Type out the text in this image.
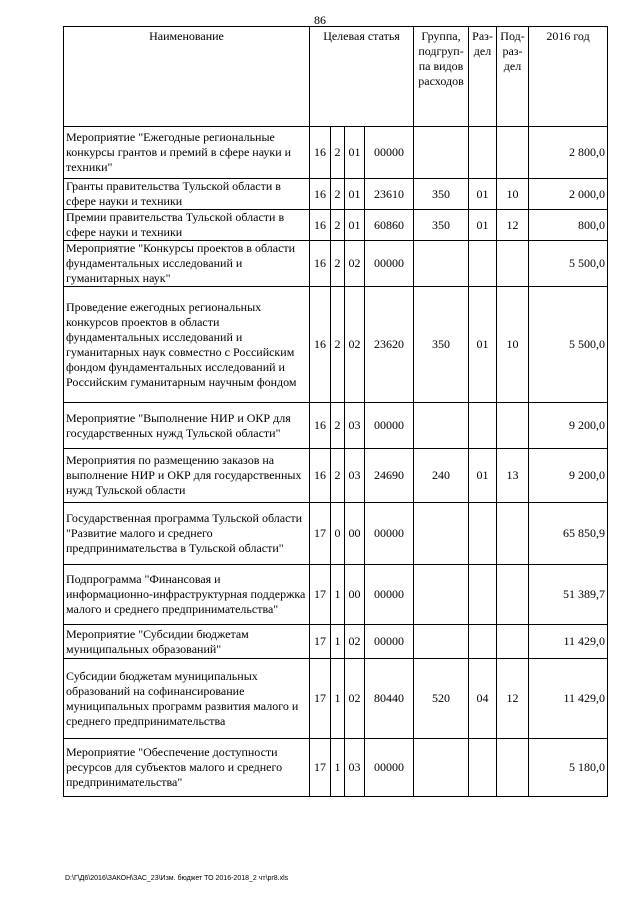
86
Наименование	Целевая статья				Группа, подгруп-па видов расходов	Раз-дел	Под-раз-дел	2016 год
Мероприятие "Ежегодные региональные конкурсы грантов и премий в сфере науки и техники"	16	2	01	00000				2 800,0
Гранты правительства Тульской области в сфере науки и техники	16	2	01	23610	350	01	10	2 000,0
Премии правительства Тульской области в сфере науки и техники	16	2	01	60860	350	01	12	800,0
Мероприятие "Конкурсы проектов в области фундаментальных исследований и гуманитарных наук"	16	2	02	00000				5 500,0
Проведение ежегодных региональных конкурсов проектов в области фундаментальных исследований и гуманитарных наук совместно с Российским фондом фундаментальных исследований и Российским гуманитарным научным фондом	16	2	02	23620	350	01	10	5 500,0
Мероприятие "Выполнение НИР и ОКР для государственных нужд Тульской области"	16	2	03	00000				9 200,0
Мероприятия по размещению заказов на выполнение НИР и ОКР для государственных нужд Тульской области	16	2	03	24690	240	01	13	9 200,0
Государственная программа Тульской области "Развитие малого и среднего предпринимательства в Тульской области"	17	0	00	00000				65 850,9
Подпрограмма "Финансовая и информационно-инфраструктурная поддержка малого и среднего предпринимательства"	17	1	00	00000				51 389,7
Мероприятие "Субсидии бюджетам муниципальных образований"	17	1	02	00000				11 429,0
Субсидии бюджетам муниципальных образований на софинансирование муниципальных программ развития малого и среднего предпринимательства	17	1	02	80440	520	04	12	11 429,0
Мероприятие "Обеспечение доступности ресурсов для субъектов малого и среднего предпринимательства"	17	1	03	00000				5 180,0
D:\Г\Д6\2016\ЗАКОН\ЗАС_23\Изм. бюджет ТО 2016-2018_2 чт\pr8.xls
